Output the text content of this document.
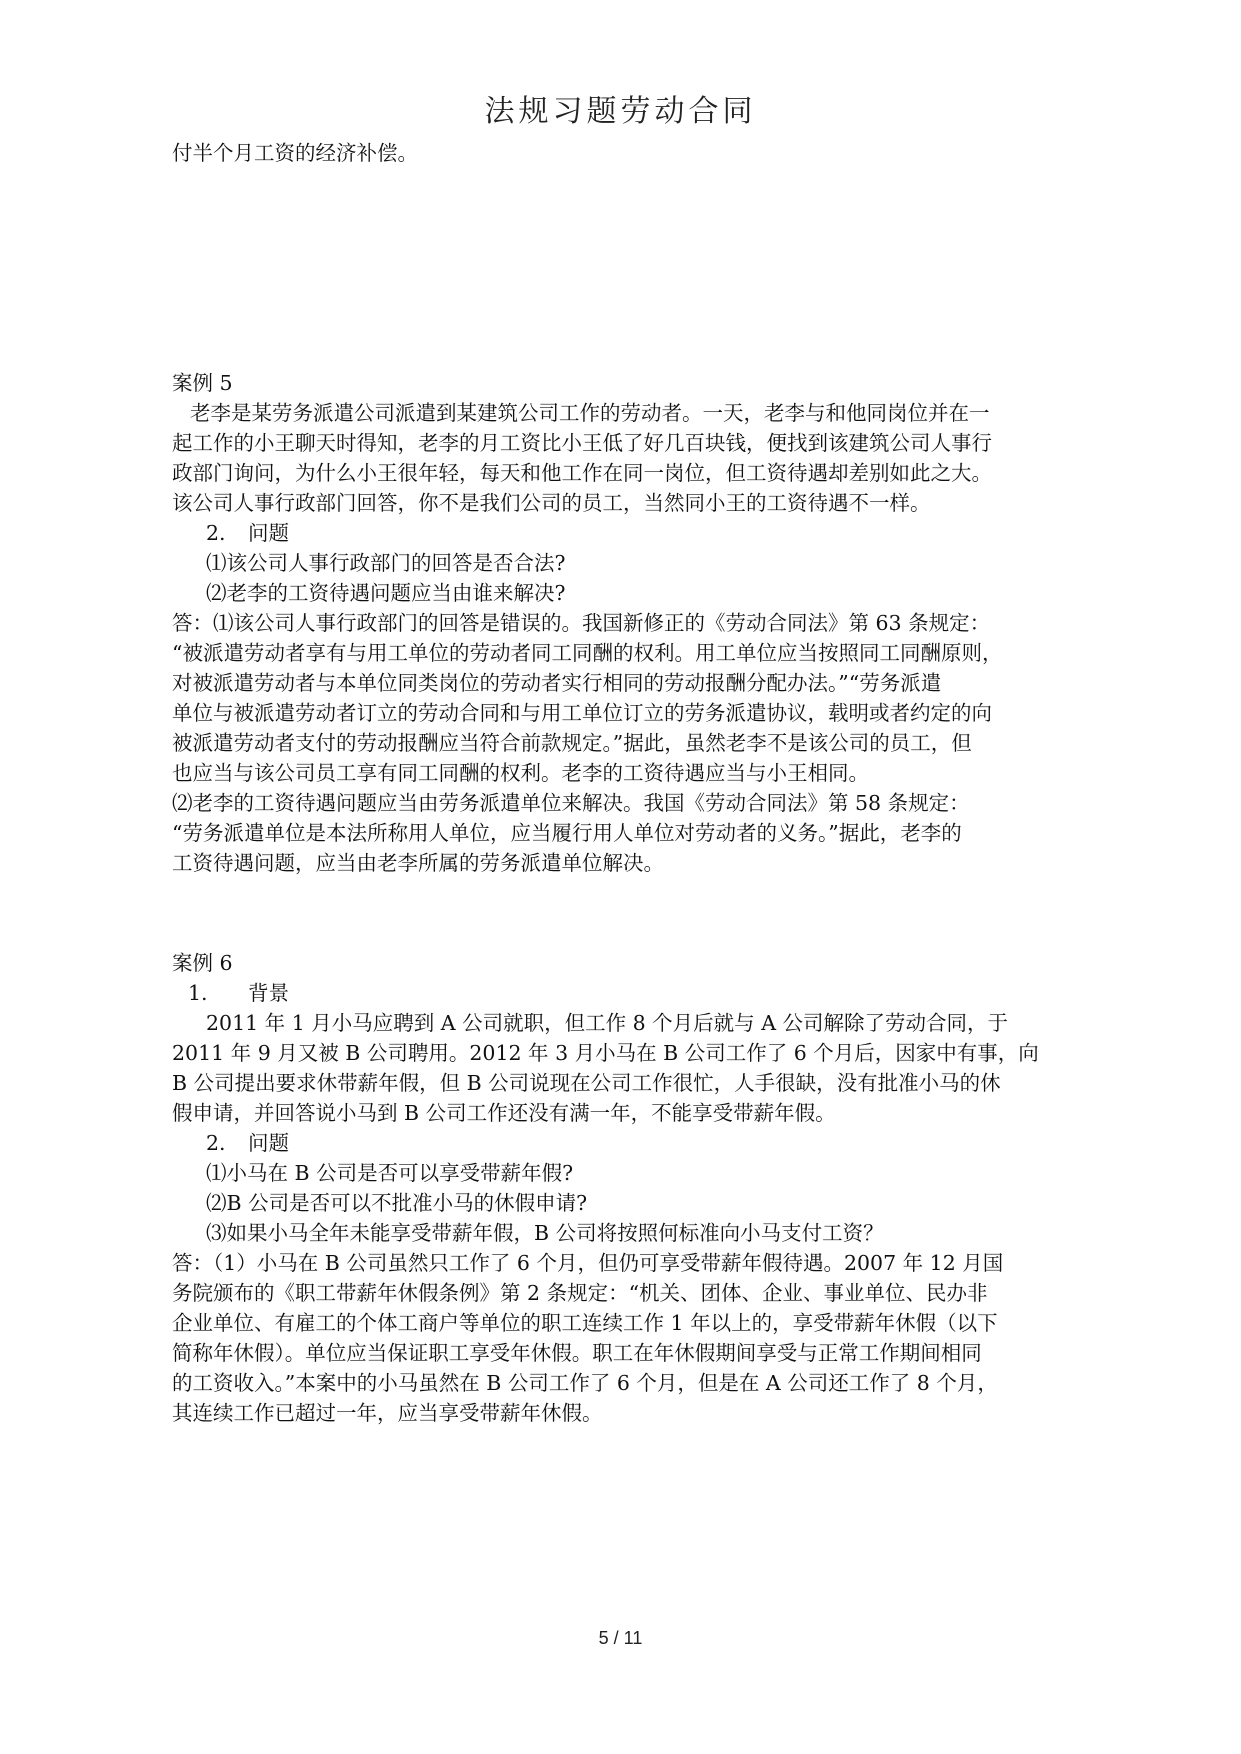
法规习题劳动合同
付半个月工资的经济补偿。
案例 5
老李是某劳务派遣公司派遣到某建筑公司工作的劳动者。一天，老李与和他同岗位并在一
起工作的小王聊天时得知，老李的月工资比小王低了好几百块钱，便找到该建筑公司人事行
政部门询问，为什么小王很年轻，每天和他工作在同一岗位，但工资待遇却差别如此之大。
该公司人事行政部门回答，你不是我们公司的员工，当然同小王的工资待遇不一样。
2. 问题
⑴该公司人事行政部门的回答是否合法?
⑵老李的工资待遇问题应当由谁来解决?
答：⑴该公司人事行政部门的回答是错误的。我国新修正的《劳动合同法》第 63 条规定：
“被派遣劳动者享有与用工单位的劳动者同工同酬的权利。用工单位应当按照同工同酬原则，
对被派遣劳动者与本单位同类岗位的劳动者实行相同的劳动报酬分配办法。”“劳务派遣
单位与被派遣劳动者订立的劳动合同和与用工单位订立的劳务派遣协议，载明或者约定的向
被派遣劳动者支付的劳动报酬应当符合前款规定。”据此，虽然老李不是该公司的员工，但
也应当与该公司员工享有同工同酬的权利。老李的工资待遇应当与小王相同。
⑵老李的工资待遇问题应当由劳务派遣单位来解决。我国《劳动合同法》第 58 条规定：
“劳务派遣单位是本法所称用人单位，应当履行用人单位对劳动者的义务。”据此，老李的
工资待遇问题，应当由老李所属的劳务派遣单位解决。
案例 6
1. 背景
2011 年 1 月小马应聘到 A 公司就职，但工作 8 个月后就与 A 公司解除了劳动合同，于
2011 年 9 月又被 B 公司聘用。2012 年 3 月小马在 B 公司工作了 6 个月后，因家中有事，向
B 公司提出要求休带薪年假，但 B 公司说现在公司工作很忙，人手很缺，没有批准小马的休
假申请，并回答说小马到 B 公司工作还没有满一年，不能享受带薪年假。
2. 问题
⑴小马在 B 公司是否可以享受带薪年假?
⑵B 公司是否可以不批准小马的休假申请?
⑶如果小马全年未能享受带薪年假，B 公司将按照何标准向小马支付工资？
答：（1）小马在 B 公司虽然只工作了 6 个月，但仍可享受带薪年假待遇。2007 年 12 月国
务院颁布的《职工带薪年休假条例》第 2 条规定：“机关、团体、企业、事业单位、民办非
企业单位、有雇工的个体工商户等单位的职工连续工作 1 年以上的，享受带薪年休假（以下
简称年休假）。单位应当保证职工享受年休假。职工在年休假期间享受与正常工作期间相同
的工资收入。”本案中的小马虽然在 B 公司工作了 6 个月，但是在 A 公司还工作了 8 个月，
其连续工作已超过一年，应当享受带薪年休假。
5 / 11
